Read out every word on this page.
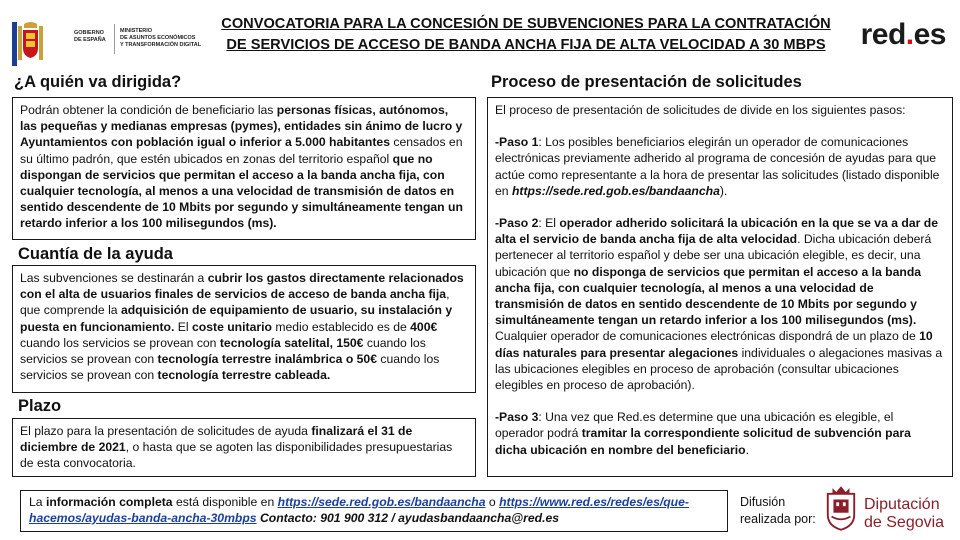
GOBIERNO
DE ESPAÑA
MINISTERIO
DE ASUNTOS ECONÓMICOS
Y TRANSFORMACIÓN DIGITAL
CONVOCATORIA PARA LA CONCESIÓN DE SUBVENCIONES PARA LA CONTRATACIÓN
DE SERVICIOS DE ACCESO DE BANDA ANCHA FIJA DE ALTA VELOCIDAD A 30 MBPS	red.es
¿A quién va dirigida?

Podrán obtener la condición de beneficiario las personas físicas, autónomos, las pequeñas y medianas empresas (pymes), entidades sin ánimo de lucro y Ayuntamientos con población igual o inferior a 5.000 habitantes censados en su último padrón, que estén ubicados en zonas del territorio español que no dispongan de servicios que permitan el acceso a la banda ancha fija, con cualquier tecnología, al menos a una velocidad de transmisión de datos en sentido descendente de 10 Mbits por segundo y simultáneamente tengan un retardo inferior a los 100 milisegundos (ms).

Cuantía de la ayuda

Las subvenciones se destinarán a cubrir los gastos directamente relacionados con el alta de usuarios finales de servicios de acceso de banda ancha fija, que comprende la adquisición de equipamiento de usuario, su instalación y puesta en funcionamiento. El coste unitario medio establecido es de 400€ cuando los servicios se provean con tecnología satelital, 150€ cuando los servicios se provean con tecnología terrestre inalámbrica o 50€ cuando los servicios se provean con tecnología terrestre cableada.

Plazo

El plazo para la presentación de solicitudes de ayuda finalizará el 31 de diciembre de 2021, o hasta que se agoten las disponibilidades presupuestarias de esta convocatoria.

Proceso de presentación de solicitudes

El proceso de presentación de solicitudes de divide en los siguientes pasos:

-Paso 1: Los posibles beneficiarios elegirán un operador de comunicaciones electrónicas previamente adherido al programa de concesión de ayudas para que actúe como representante a la hora de presentar las solicitudes (listado disponible en https://sede.red.gob.es/bandaancha).

-Paso 2: El operador adherido solicitará la ubicación en la que se va a dar de alta el servicio de banda ancha fija de alta velocidad. Dicha ubicación deberá pertenecer al territorio español y debe ser una ubicación elegible, es decir, una ubicación que no disponga de servicios que permitan el acceso a la banda ancha fija, con cualquier tecnología, al menos a una velocidad de transmisión de datos en sentido descendente de 10 Mbits por segundo y simultáneamente tengan un retardo inferior a los 100 milisegundos (ms). Cualquier operador de comunicaciones electrónicas dispondrá de un plazo de 10 días naturales para presentar alegaciones individuales o alegaciones masivas a las ubicaciones elegibles en proceso de aprobación (consultar ubicaciones elegibles en proceso de aprobación).

-Paso 3: Una vez que Red.es determine que una ubicación es elegible, el operador podrá tramitar la correspondiente solicitud de subvención para dicha ubicación en nombre del beneficiario.

La información completa está disponible en https://sede.red.gob.es/bandaancha o https://www.red.es/redes/es/que-hacemos/ayudas-banda-ancha-30mbps Contacto: 901 900 312 / ayudasbandaancha@red.es

Difusión
realizada por:
Diputación
de Segovia
